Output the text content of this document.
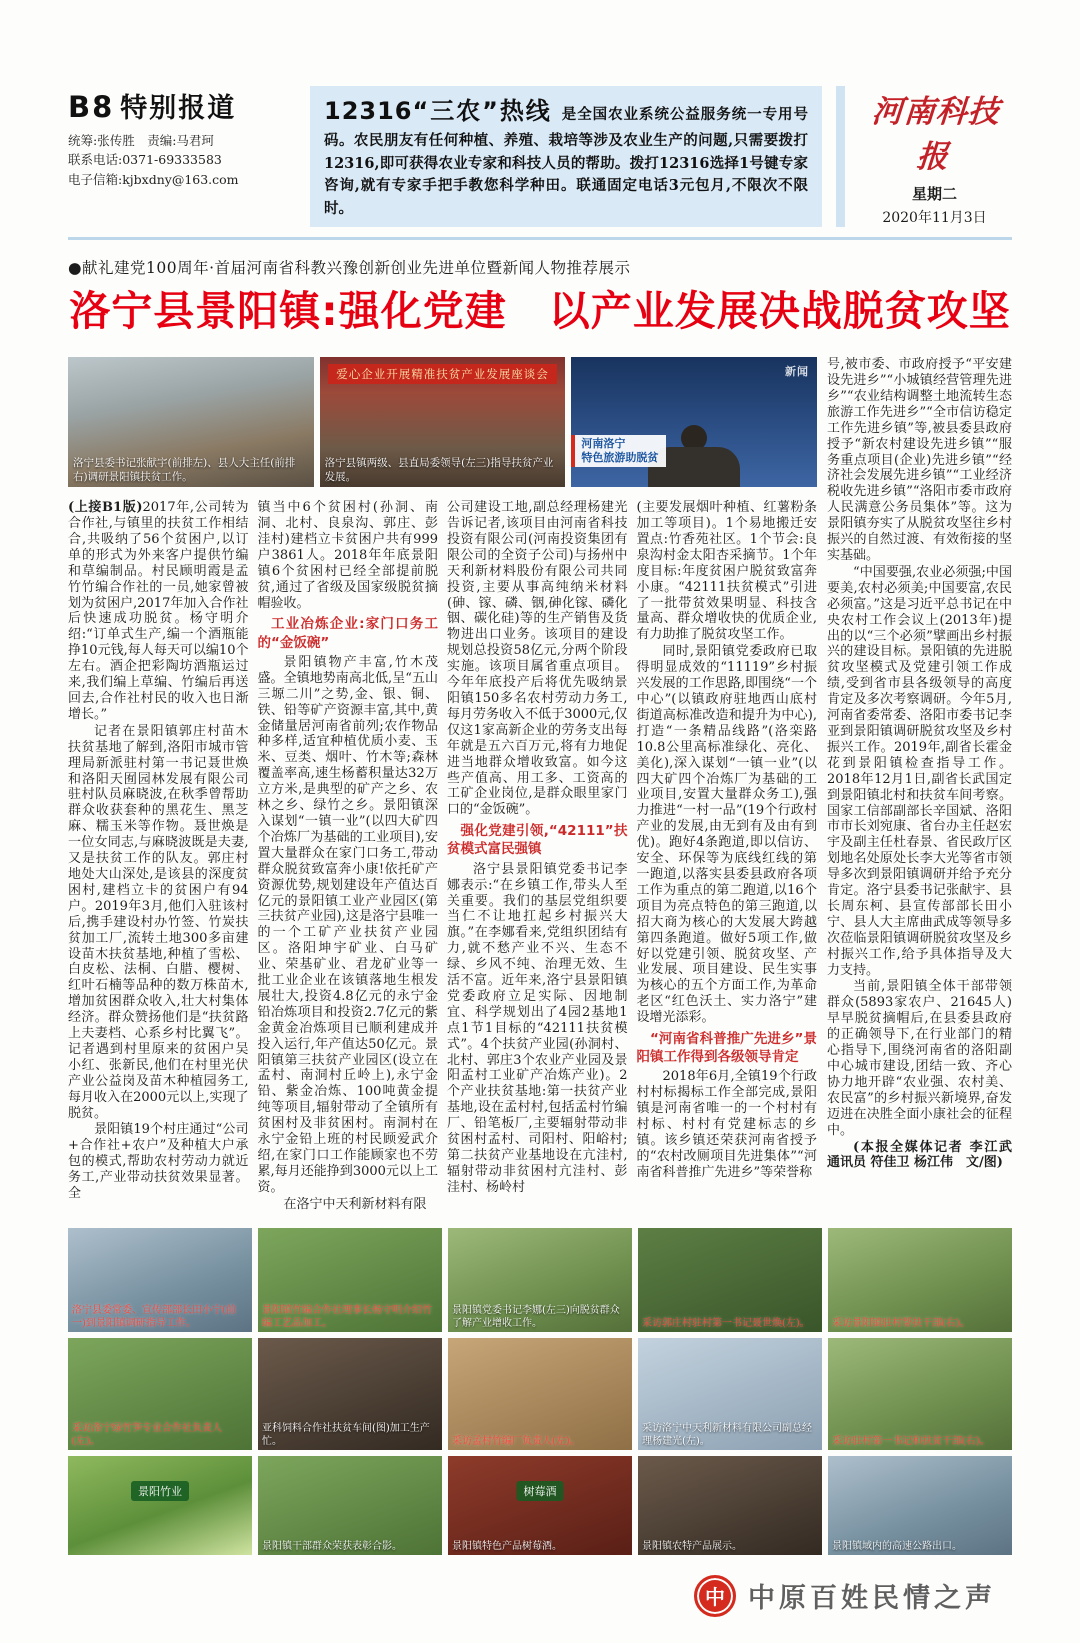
B8 特别报道
统筹:张传胜　责编:马君珂
联系电话:0371-69333583
电子信箱:kjbxdny@163.com
12316“三农”热线 是全国农业系统公益服务统一专用号码。农民朋友有任何种植、养殖、栽培等涉及农业生产的问题,只需要拨打12316,即可获得农业专家和科技人员的帮助。拨打12316选择1号键专家咨询,就有专家手把手教您科学种田。联通固定电话3元包月,不限次不限时。
河南科技报
星期二
2020年11月3日
●献礼建党100周年·首届河南省科教兴豫创新创业先进单位暨新闻人物推荐展示
洛宁县景阳镇:强化党建　以产业发展决战脱贫攻坚
洛宁县委书记张献宇(前排左)、县人大主任(前排右)调研景阳镇扶贫工作。
爱心企业开展精准扶贫产业发展座谈会
洛宁县镇两级、县直局委领导(左三)指导扶贫产业发展。
新闻
河南洛宁
特色旅游助脱贫

(上接B1版)2017年,公司转为合作社,与镇里的扶贫工作相结合,共吸纳了56个贫困户,以订单的形式为外来客户提供竹编和草编制品。村民顾明霞是孟竹竹编合作社的一员,她家曾被划为贫困户,2017年加入合作社后快速成功脱贫。杨守明介绍:“订单式生产,编一个酒瓶能挣10元钱,每人每天可以编10个左右。酒企把彩陶坊酒瓶运过来,我们编上草编、竹编后再送回去,合作社村民的收入也日渐增长。”

记者在景阳镇郭庄村苗木扶贫基地了解到,洛阳市城市管理局新派驻村第一书记聂世焕和洛阳天囿园林发展有限公司驻村队员麻晓波,在秋季曾帮助群众收获套种的黑花生、黑芝麻、糯玉米等作物。聂世焕是一位女同志,与麻晓波既是夫妻,又是扶贫工作的队友。郭庄村地处大山深处,是该县的深度贫困村,建档立卡的贫困户有94户。2019年3月,他们入驻该村后,携手建设村办竹签、竹炭扶贫加工厂,流转土地300多亩建设苗木扶贫基地,种植了雪松、白皮松、法桐、白腊、樱树、红叶石楠等品种的数万株苗木,增加贫困群众收入,壮大村集体经济。群众赞扬他们是“扶贫路上夫妻档、心系乡村比翼飞”。记者遇到村里原来的贫困户吴小红、张新民,他们在村里光伏产业公益岗及苗木种植园务工,每月收入在2000元以上,实现了脱贫。

景阳镇19个村庄通过“公司+合作社+农户”及种植大户承包的模式,帮助农村劳动力就近务工,产业带动扶贫效果显著。全

镇当中6个贫困村(孙洞、南洞、北村、良泉沟、郭庄、彭洼村)建档立卡贫困户共有999户3861人。2018年年底景阳镇6个贫困村已经全部提前脱贫,通过了省级及国家级脱贫摘帽验收。

工业冶炼企业:家门口务工的“金饭碗”

景阳镇物产丰富,竹木茂盛。全镇地势南高北低,呈“五山三塬二川”之势,金、银、铜、铁、铅等矿产资源丰富,其中,黄金储量居河南省前列;农作物品种多样,适宜种植优质小麦、玉米、豆类、烟叶、竹木等;森林覆盖率高,速生杨蓄积量达32万立方米,是典型的矿产之乡、农林之乡、绿竹之乡。景阳镇深入谋划“一镇一业”(以四大矿四个冶炼厂为基础的工业项目),安置大量群众在家门口务工,带动群众脱贫致富奔小康!依托矿产资源优势,规划建设年产值达百亿元的景阳镇工业产业园区(第三扶贫产业园),这是洛宁县唯一的一个工矿产业扶贫产业园区。洛阳坤宇矿业、白马矿业、荣基矿业、君龙矿业等一批工业企业在该镇落地生根发展壮大,投资4.8亿元的永宁金铅冶炼项目和投资2.7亿元的紫金黄金冶炼项目已顺利建成并投入运行,年产值达50亿元。景阳镇第三扶贫产业园区(设立在孟村、南洞村丘岭上),永宁金铅、紫金冶炼、100吨黄金提纯等项目,辐射带动了全镇所有贫困村及非贫困村。南洞村在永宁金铅上班的村民顾爱武介绍,在家门口工作能顾家也不劳累,每月还能挣到3000元以上工资。

在洛宁中天利新材料有限

公司建设工地,副总经理杨建光告诉记者,该项目由河南省科技投资有限公司(河南投资集团有限公司的全资子公司)与扬州中天利新材料股份有限公司共同投资,主要从事高纯纳米材料(砷、镓、磷、铟,砷化镓、磷化铟、碳化硅)等的生产销售及货物进出口业务。该项目的建设规划总投资58亿元,分两个阶段实施。该项目属省重点项目。今年年底投产后将优先吸纳景阳镇150多名农村劳动力务工,每月劳务收入不低于3000元,仅仅这1家高新企业的劳务支出每年就是五六百万元,将有力地促进当地群众增收致富。如今这些产值高、用工多、工资高的工矿企业岗位,是群众眼里家门口的“金饭碗”。

强化党建引领,“42111”扶贫模式富民强镇

洛宁县景阳镇党委书记李娜表示:“在乡镇工作,带头人至关重要。我们的基层党组织要当仁不让地扛起乡村振兴大旗。”在李娜看来,党组织团结有力,就不愁产业不兴、生态不绿、乡风不纯、治理无效、生活不富。近年来,洛宁县景阳镇党委政府立足实际、因地制宜、科学规划出了4园2基地1点1节1目标的“42111扶贫模式”。4个扶贫产业园(孙洞村、北村、郭庄3个农业产业园及景阳孟村工业矿产冶炼产业)。2个产业扶贫基地:第一扶贫产业基地,设在孟村村,包括孟村竹编厂、铅笔板厂,主要辐射带动非贫困村孟村、司阳村、阳峪村;第二扶贫产业基地设在亢洼村,辐射带动非贫困村亢洼村、彭洼村、杨岭村

(主要发展烟叶种植、红薯粉条加工等项目)。1个易地搬迁安置点:竹香苑社区。1个节会:良泉沟村金太阳杏采摘节。1个年度目标:年度贫困户脱贫致富奔小康。“42111扶贫模式”引进了一批带贫效果明显、科技含量高、群众增收快的优质企业,有力助推了脱贫攻坚工作。

同时,景阳镇党委政府已取得明显成效的“11119”乡村振兴发展的工作思路,即围绕“一个中心”(以镇政府驻地西山底村街道高标准改造和提升为中心),打造“一条精品线路”(洛栾路10.8公里高标准绿化、亮化、美化),深入谋划“一镇一业”(以四大矿四个冶炼厂为基础的工业项目,安置大量群众务工),强力推进“一村一品”(19个行政村产业的发展,由无到有及由有到优)。跑好4条跑道,即以信访、安全、环保等为底线红线的第一跑道,以落实县委县政府各项工作为重点的第二跑道,以16个项目为亮点特色的第三跑道,以招大商为核心的大发展大跨越第四条跑道。做好5项工作,做好以党建引领、脱贫攻坚、产业发展、项目建设、民生实事为核心的五个方面工作,为革命老区“红色沃土、实力洛宁”建设增光添彩。

“河南省科普推广先进乡”景阳镇工作得到各级领导肯定

2018年6月,全镇19个行政村村标揭标工作全部完成,景阳镇是河南省唯一的一个村村有村标、村村有党建标志的乡镇。该乡镇还荣获河南省授予的“农村改厕项目先进集体”“河南省科普推广先进乡”等荣誉称

号,被市委、市政府授予“平安建设先进乡”“小城镇经营管理先进乡”“农业结构调整土地流转生态旅游工作先进乡”“全市信访稳定工作先进乡镇”等,被县委县政府授予“新农村建设先进乡镇”“服务重点项目(企业)先进乡镇”“经济社会发展先进乡镇”“工业经济税收先进乡镇”“洛阳市委市政府人民满意公务员集体”等。这为景阳镇夯实了从脱贫攻坚往乡村振兴的自然过渡、有效衔接的坚实基础。

“中国要强,农业必须强;中国要美,农村必须美;中国要富,农民必须富。”这是习近平总书记在中央农村工作会议上(2013年)提出的以“三个必须”擘画出乡村振兴的建设目标。景阳镇的先进脱贫攻坚模式及党建引领工作成绩,受到省市县各级领导的高度肯定及多次考察调研。今年5月,河南省委常委、洛阳市委书记李亚到景阳镇调研脱贫攻坚及乡村振兴工作。2019年,副省长霍金花到景阳镇检查指导工作。2018年12月1日,副省长武国定到景阳镇北村和扶贫车间考察。国家工信部副部长辛国斌、洛阳市市长刘宛康、省台办主任赵宏宇及副主任杜春景、省民政厅区划地名处原处长李大光等省市领导多次到景阳镇调研并给予充分肯定。洛宁县委书记张献宇、县长周东柯、县宣传部部长田小宁、县人大主席曲武成等领导多次莅临景阳镇调研脱贫攻坚及乡村振兴工作,给予具体指导及大力支持。

当前,景阳镇全体干部带领群众(5893家农户、21645人)早早脱贫摘帽后,在县委县政府的正确领导下,在行业部门的精心指导下,围绕河南省的洛阳副中心城市建设,团结一致、齐心协力地开辟“农业强、农村美、农民富”的乡村振兴新境界,奋发迈进在决胜全面小康社会的征程中。

(本报全媒体记者 李江武　通讯员 符佳卫 杨江伟　文/图)

洛宁县委常委、宣传部部长田小宁(前一)到景阳镇调研指导工作。
景阳镇竹编合作社理事长杨守明介绍竹编工艺品加工。
景阳镇党委书记李娜(左三)向脱贫群众了解产业增收工作。	采访郭庄村驻村第一书记聂世焕(左)。	采访景阳镇驻村帮扶干部(右)。
采访洛宁绿竹笋专业合作社负责人(左)。
亚科饲料合作社扶贫车间(图)加工生产忙。	采访孟村竹编厂负责人(左)。
采访洛宁中天利新材料有限公司副总经理杨建光(左)。	采访驻村第一书记和扶贫干部(右)。
景阳竹业
景阳镇干部群众荣获表彰合影。
树莓酒
景阳镇特色产品树莓酒。	景阳镇农特产品展示。	景阳镇域内的高速公路出口。
中 中原百姓民情之声
